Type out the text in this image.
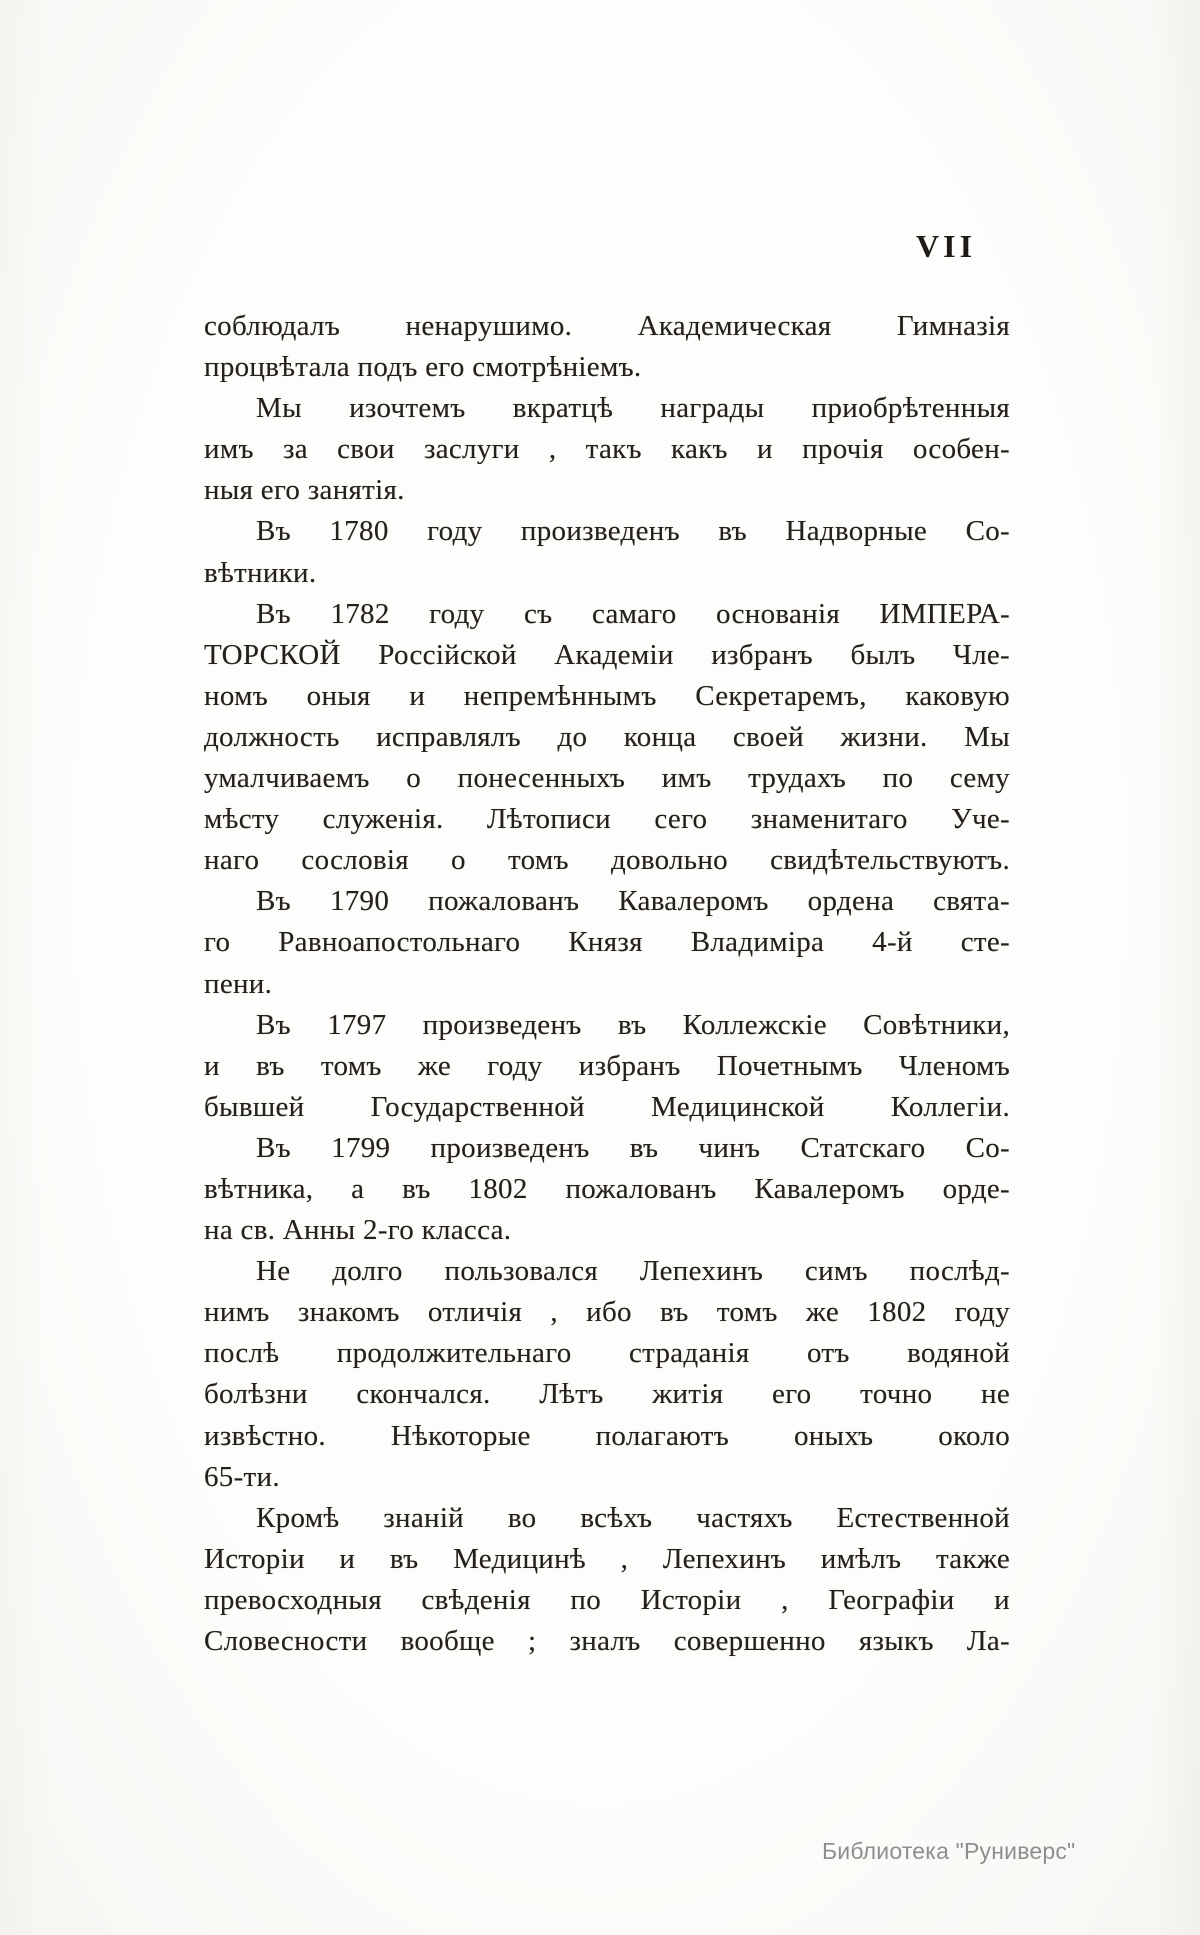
VII
соблюдалъ ненарушимо. Академическая Гимназія
процвѣтала подъ его смотрѣніемъ.
Мы изочтемъ вкратцѣ награды приобрѣтенныя
имъ за свои заслуги , такъ какъ и прочія особен-
ныя его занятія.
Въ 1780 году произведенъ въ Надворные Со-
вѣтники.
Въ 1782 году съ самаго основанія ИМПЕРА-
ТОРСКОЙ Россійской Академіи избранъ былъ Чле-
номъ оныя и непремѣннымъ Секретаремъ, каковую
должность исправлялъ до конца своей жизни. Мы
умалчиваемъ о понесенныхъ имъ трудахъ по сему
мѣсту служенія. Лѣтописи сего знаменитаго Уче-
наго сословія о томъ довольно свидѣтельствуютъ.
Въ 1790 пожалованъ Кавалеромъ ордена свята-
го Равноапостольнаго Князя Владиміра 4-й сте-
пени.
Въ 1797 произведенъ въ Коллежскіе Совѣтники,
и въ томъ же году избранъ Почетнымъ Членомъ
бывшей Государственной Медицинской Коллегіи.
Въ 1799 произведенъ въ чинъ Статскаго Со-
вѣтника, а въ 1802 пожалованъ Кавалеромъ орде-
на св. Анны 2-го класса.
Не долго пользовался Лепехинъ симъ послѣд-
нимъ знакомъ отличія , ибо въ томъ же 1802 году
послѣ продолжительнаго страданія отъ водяной
болѣзни скончался. Лѣтъ житія его точно не
извѣстно. Нѣкоторые полагаютъ оныхъ около
65-ти.
Кромѣ знаній во всѣхъ частяхъ Естественной
Исторіи и въ Медицинѣ , Лепехинъ имѣлъ также
превосходныя свѣденія по Исторіи , Географіи и
Словесности вообще ; зналъ совершенно языкъ Ла-
Библиотека "Руниверс"
